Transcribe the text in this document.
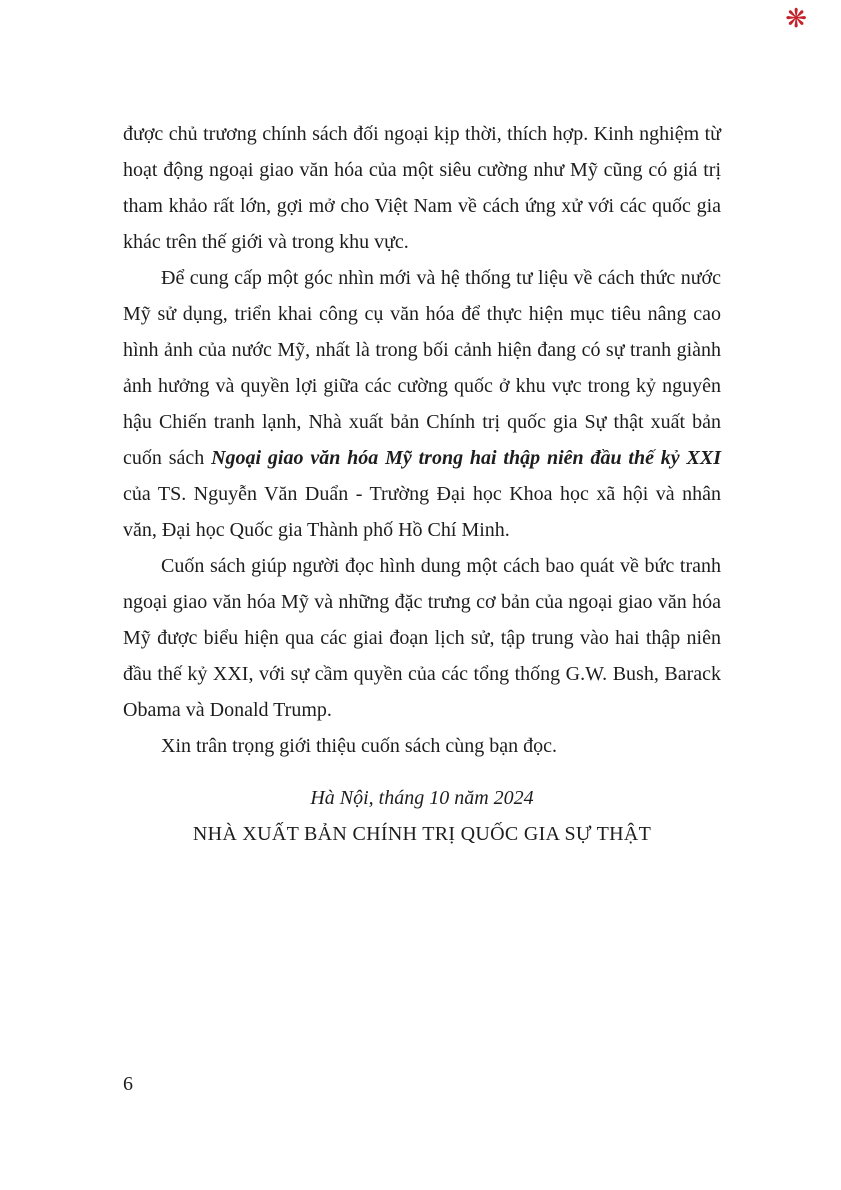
❋

được chủ trương chính sách đối ngoại kịp thời, thích hợp. Kinh nghiệm từ hoạt động ngoại giao văn hóa của một siêu cường như Mỹ cũng có giá trị tham khảo rất lớn, gợi mở cho Việt Nam về cách ứng xử với các quốc gia khác trên thế giới và trong khu vực.

Để cung cấp một góc nhìn mới và hệ thống tư liệu về cách thức nước Mỹ sử dụng, triển khai công cụ văn hóa để thực hiện mục tiêu nâng cao hình ảnh của nước Mỹ, nhất là trong bối cảnh hiện đang có sự tranh giành ảnh hưởng và quyền lợi giữa các cường quốc ở khu vực trong kỷ nguyên hậu Chiến tranh lạnh, Nhà xuất bản Chính trị quốc gia Sự thật xuất bản cuốn sách Ngoại giao văn hóa Mỹ trong hai thập niên đầu thế kỷ XXI của TS. Nguyễn Văn Duẩn - Trường Đại học Khoa học xã hội và nhân văn, Đại học Quốc gia Thành phố Hồ Chí Minh.

Cuốn sách giúp người đọc hình dung một cách bao quát về bức tranh ngoại giao văn hóa Mỹ và những đặc trưng cơ bản của ngoại giao văn hóa Mỹ được biểu hiện qua các giai đoạn lịch sử, tập trung vào hai thập niên đầu thế kỷ XXI, với sự cầm quyền của các tổng thống G.W. Bush, Barack Obama và Donald Trump.

Xin trân trọng giới thiệu cuốn sách cùng bạn đọc.

Hà Nội, tháng 10 năm 2024

NHÀ XUẤT BẢN CHÍNH TRỊ QUỐC GIA SỰ THẬT

6
